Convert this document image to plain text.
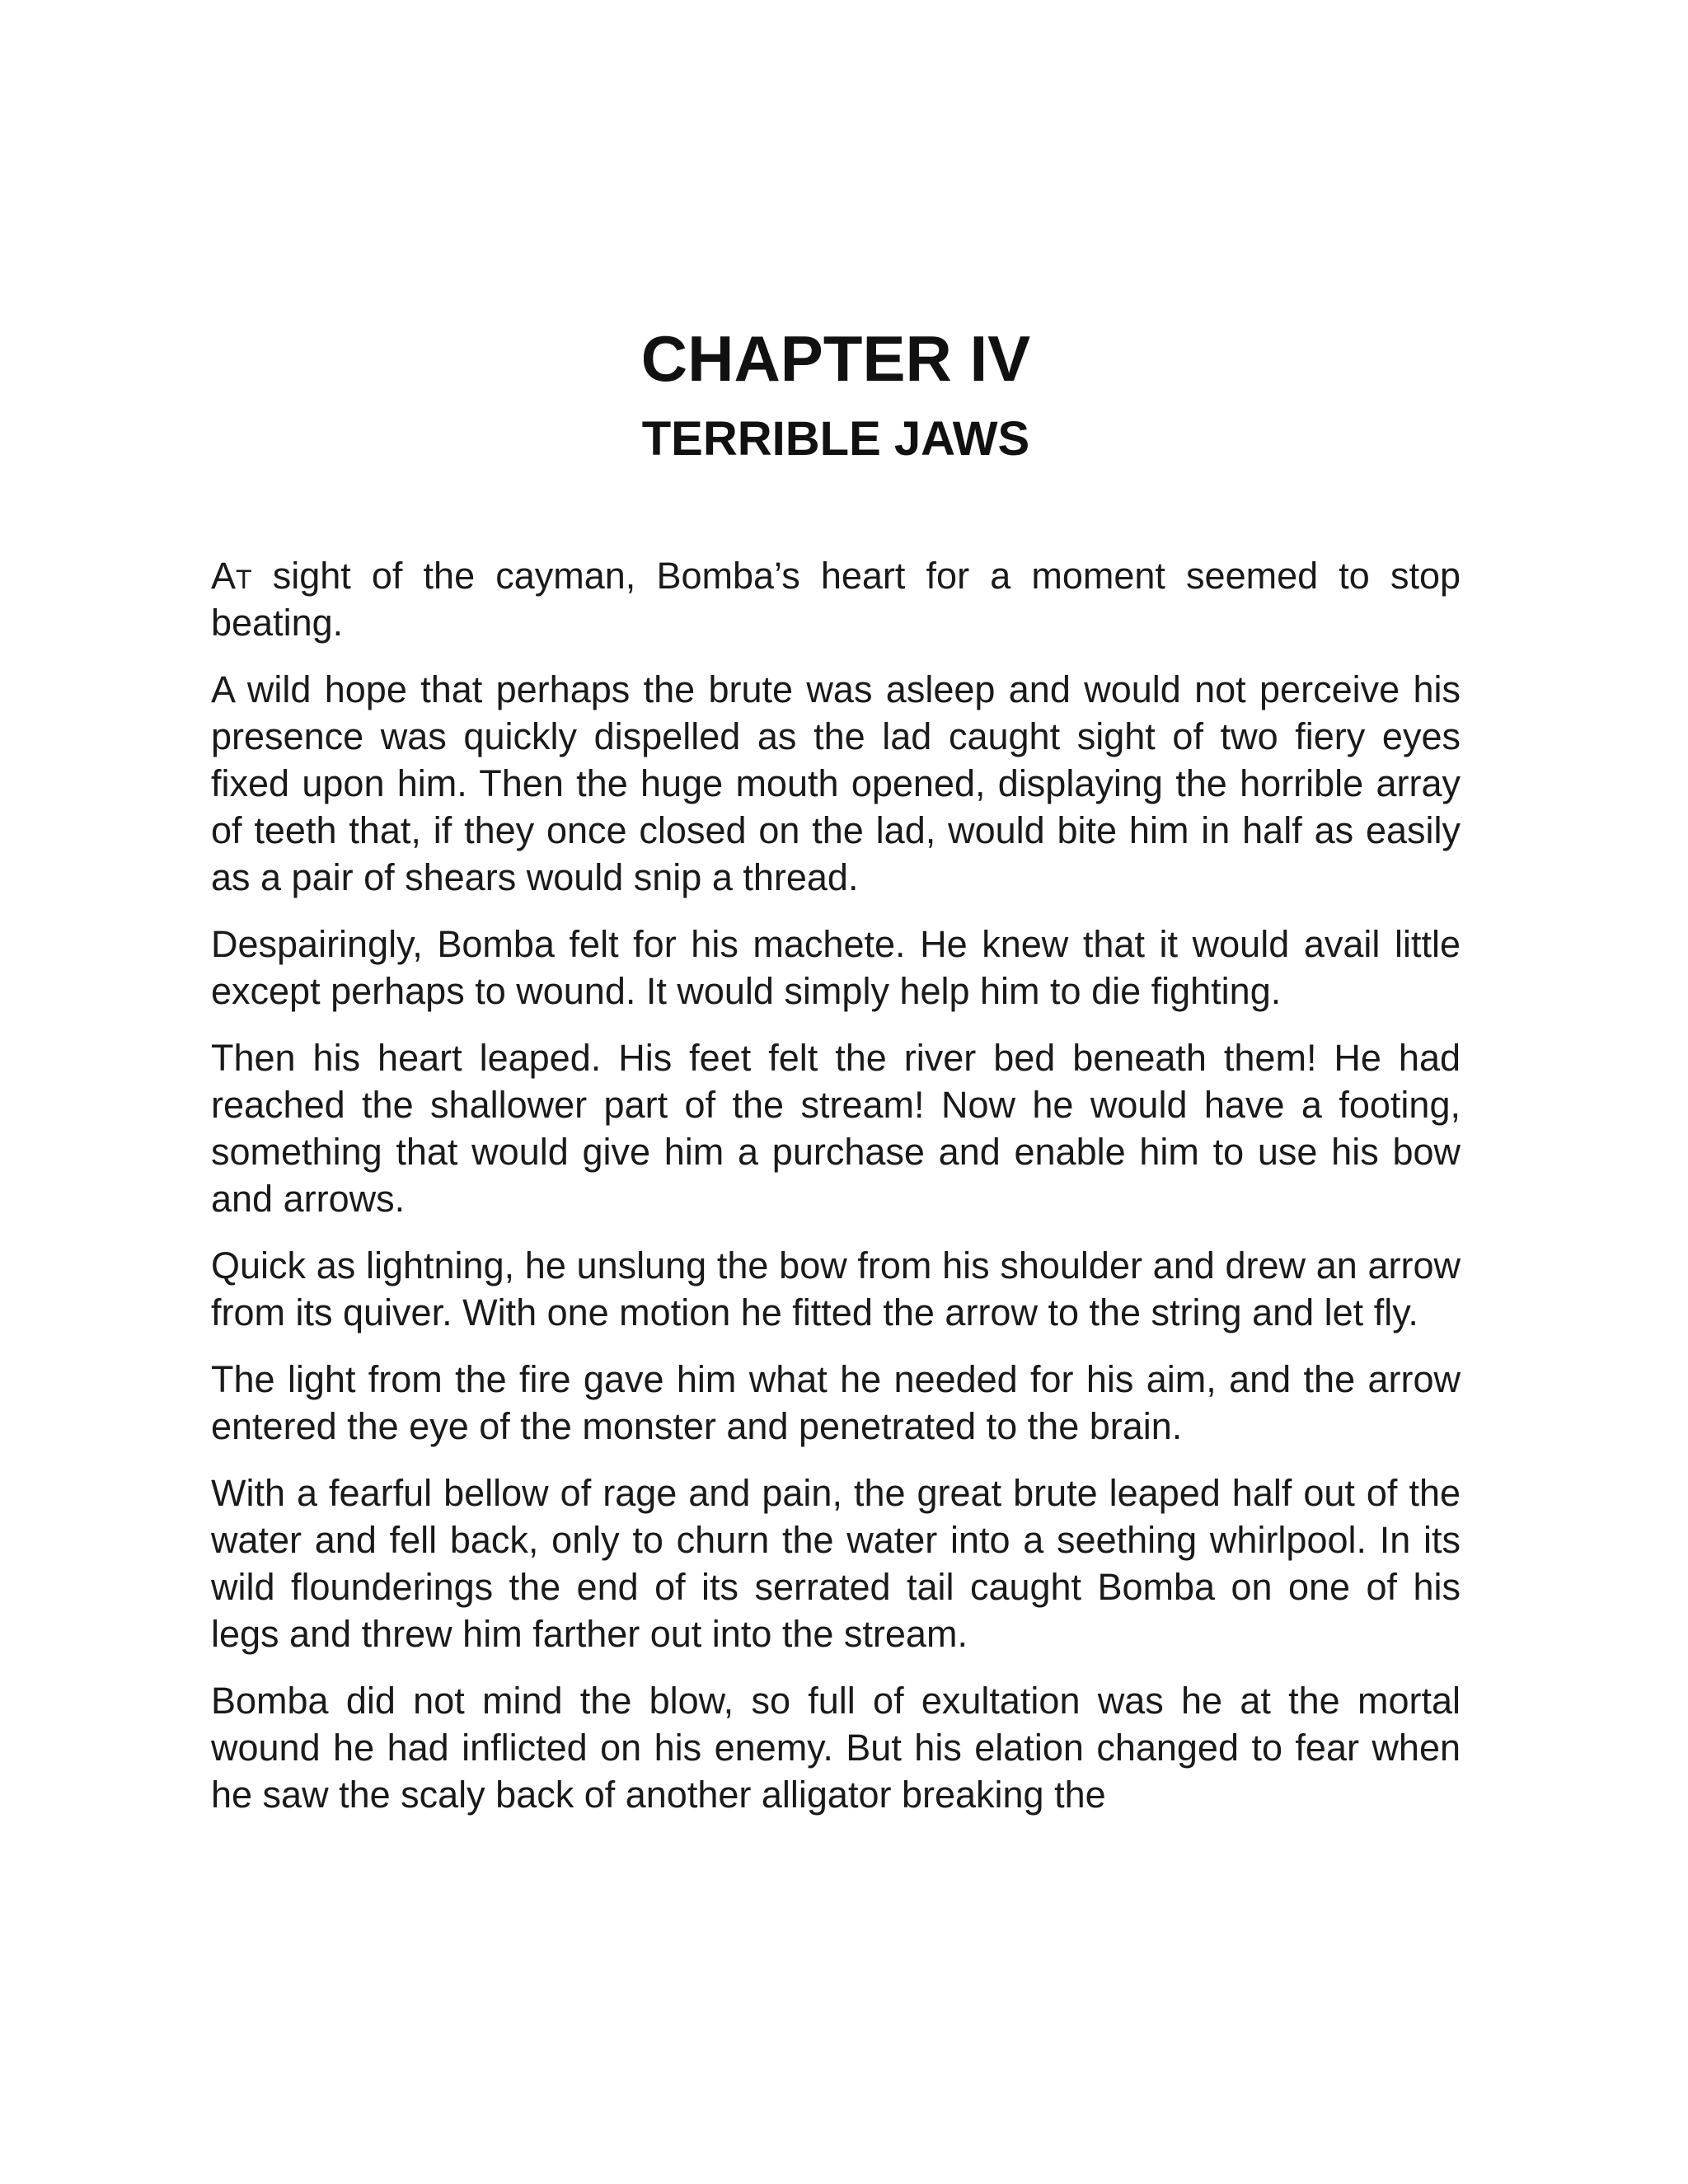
CHAPTER IV
TERRIBLE JAWS

At sight of the cayman, Bomba’s heart for a moment seemed to stop beating.

A wild hope that perhaps the brute was asleep and would not perceive his presence was quickly dispelled as the lad caught sight of two fiery eyes fixed upon him. Then the huge mouth opened, displaying the horrible array of teeth that, if they once closed on the lad, would bite him in half as easily as a pair of shears would snip a thread.

Despairingly, Bomba felt for his machete. He knew that it would avail little except perhaps to wound. It would simply help him to die fighting.

Then his heart leaped. His feet felt the river bed beneath them! He had reached the shallower part of the stream! Now he would have a footing, something that would give him a purchase and enable him to use his bow and arrows.

Quick as lightning, he unslung the bow from his shoulder and drew an arrow from its quiver. With one motion he fitted the arrow to the string and let fly.

The light from the fire gave him what he needed for his aim, and the arrow entered the eye of the monster and penetrated to the brain.

With a fearful bellow of rage and pain, the great brute leaped half out of the water and fell back, only to churn the water into a seething whirlpool. In its wild flounderings the end of its serrated tail caught Bomba on one of his legs and threw him farther out into the stream.

Bomba did not mind the blow, so full of exultation was he at the mortal wound he had inflicted on his enemy. But his elation changed to fear when he saw the scaly back of another alligator breaking the
